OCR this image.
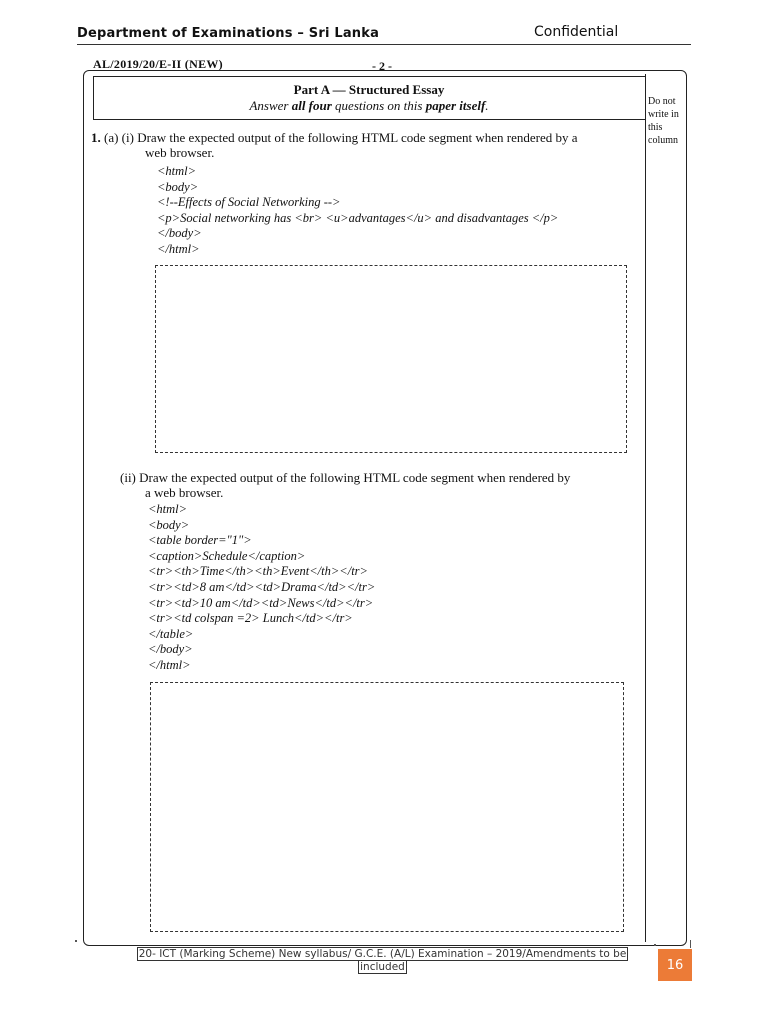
Department of Examinations – Sri Lanka	Confidential
AL/2019/20/E-II (NEW)	- 2 -
Do not write in this column
Part A — Structured Essay
Answer all four questions on this paper itself.
1. (a) (i) Draw the expected output of the following HTML code segment when rendered by a
web browser.
<html>
<body>
<!--Effects of Social Networking -->
<p>Social networking has <br> <u>advantages</u> and disadvantages </p>
</body>
</html>
(ii) Draw the expected output of the following HTML code segment when rendered by
a web browser.
<html>
<body>
<table border="1">
<caption>Schedule</caption>
<tr><th>Time</th><th>Event</th></tr>
<tr><td>8 am</td><td>Drama</td></tr>
<tr><td>10 am</td><td>News</td></tr>
<tr><td colspan =2> Lunch</td></tr>
</table>
</body>
</html>
20- ICT (Marking Scheme) New syllabus/ G.C.E. (A/L) Examination – 2019/Amendments to be
included	16
